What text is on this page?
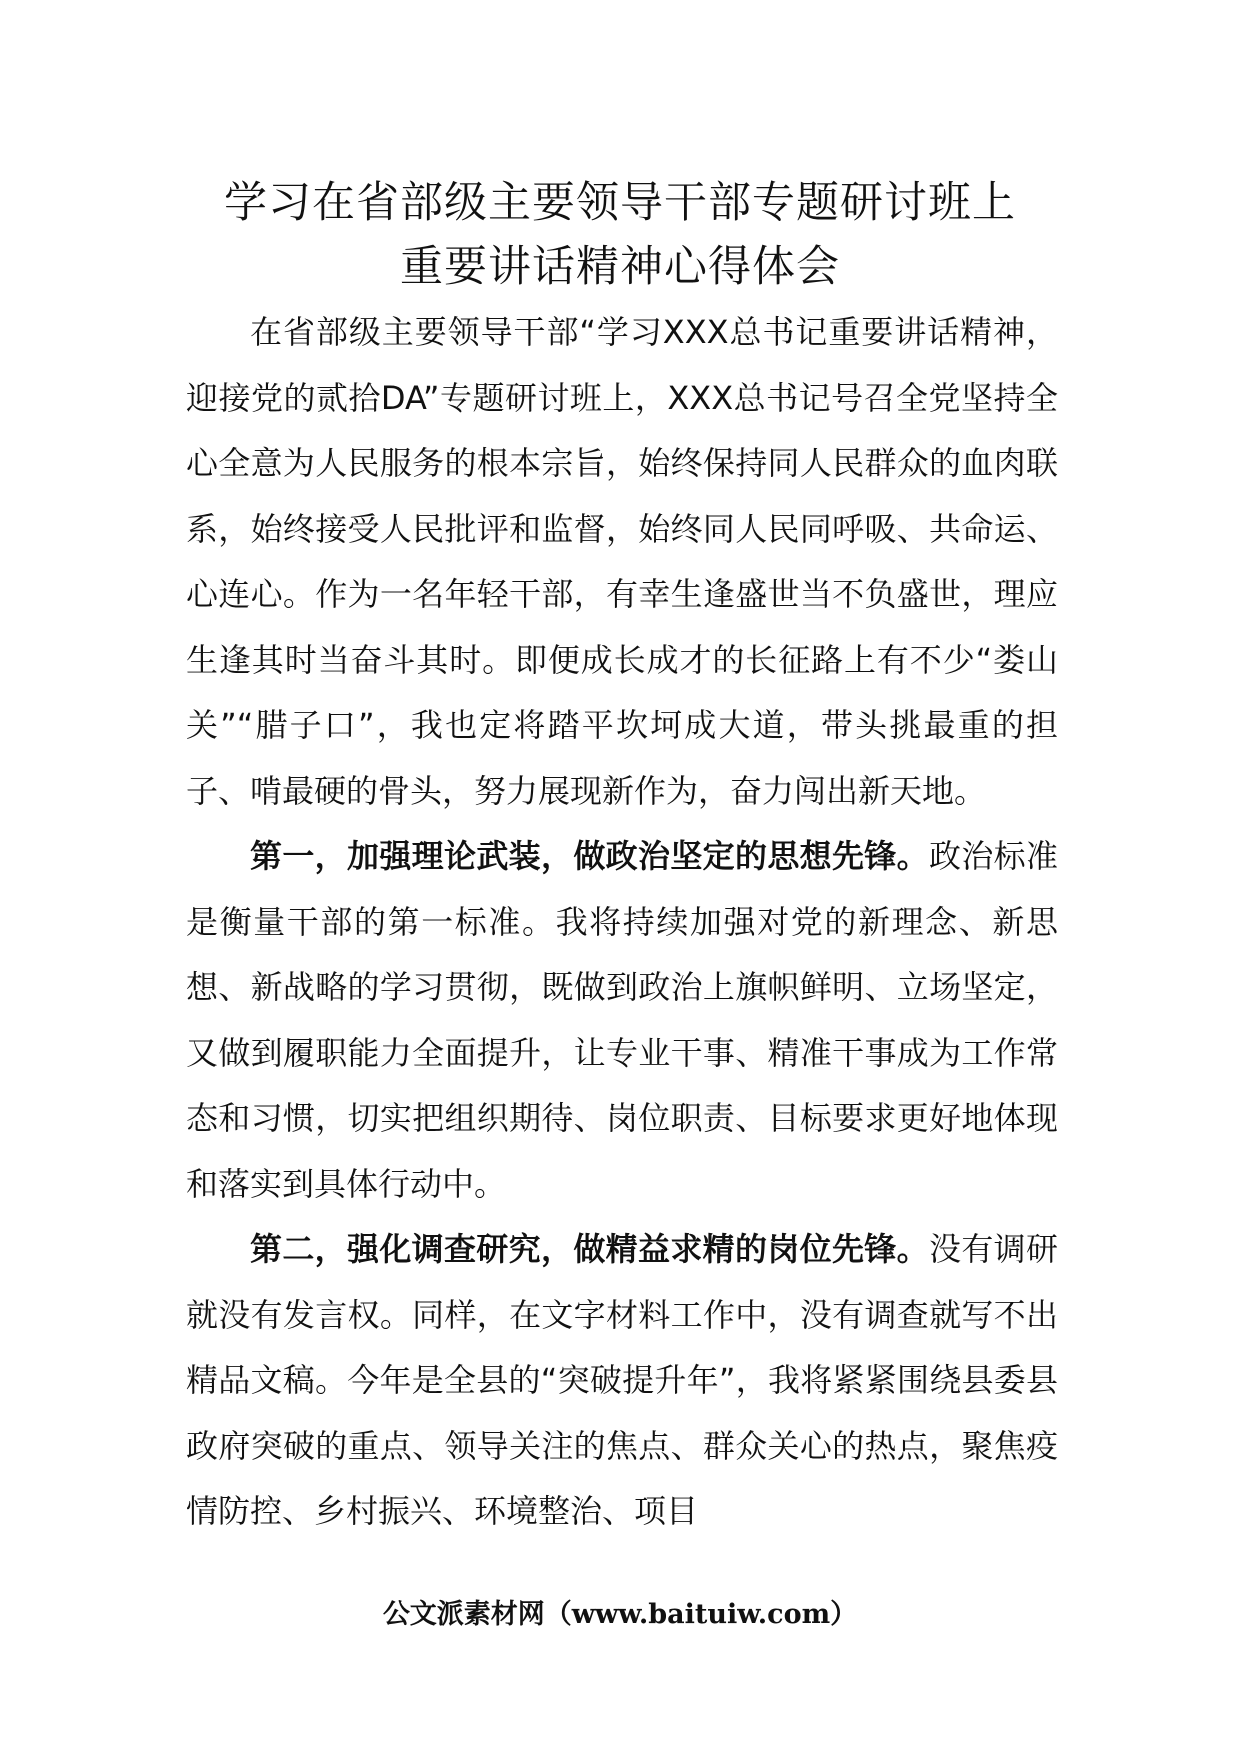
学习在省部级主要领导干部专题研讨班上
重要讲话精神心得体会

在省部级主要领导干部“学习XXX总书记重要讲话精神，迎接党的贰拾DA”专题研讨班上，XXX总书记号召全党坚持全心全意为人民服务的根本宗旨，始终保持同人民群众的血肉联系，始终接受人民批评和监督，始终同人民同呼吸、共命运、心连心。作为一名年轻干部，有幸生逢盛世当不负盛世，理应生逢其时当奋斗其时。即便成长成才的长征路上有不少“娄山关”“腊子口”，我也定将踏平坎坷成大道，带头挑最重的担子、啃最硬的骨头，努力展现新作为，奋力闯出新天地。

第一，加强理论武装，做政治坚定的思想先锋。政治标准是衡量干部的第一标准。我将持续加强对党的新理念、新思想、新战略的学习贯彻，既做到政治上旗帜鲜明、立场坚定，又做到履职能力全面提升，让专业干事、精准干事成为工作常态和习惯，切实把组织期待、岗位职责、目标要求更好地体现和落实到具体行动中。

第二，强化调查研究，做精益求精的岗位先锋。没有调研就没有发言权。同样，在文字材料工作中，没有调查就写不出精品文稿。今年是全县的“突破提升年”，我将紧紧围绕县委县政府突破的重点、领导关注的焦点、群众关心的热点，聚焦疫情防控、乡村振兴、环境整治、项目

公文派素材网（www.baituiw.com）
